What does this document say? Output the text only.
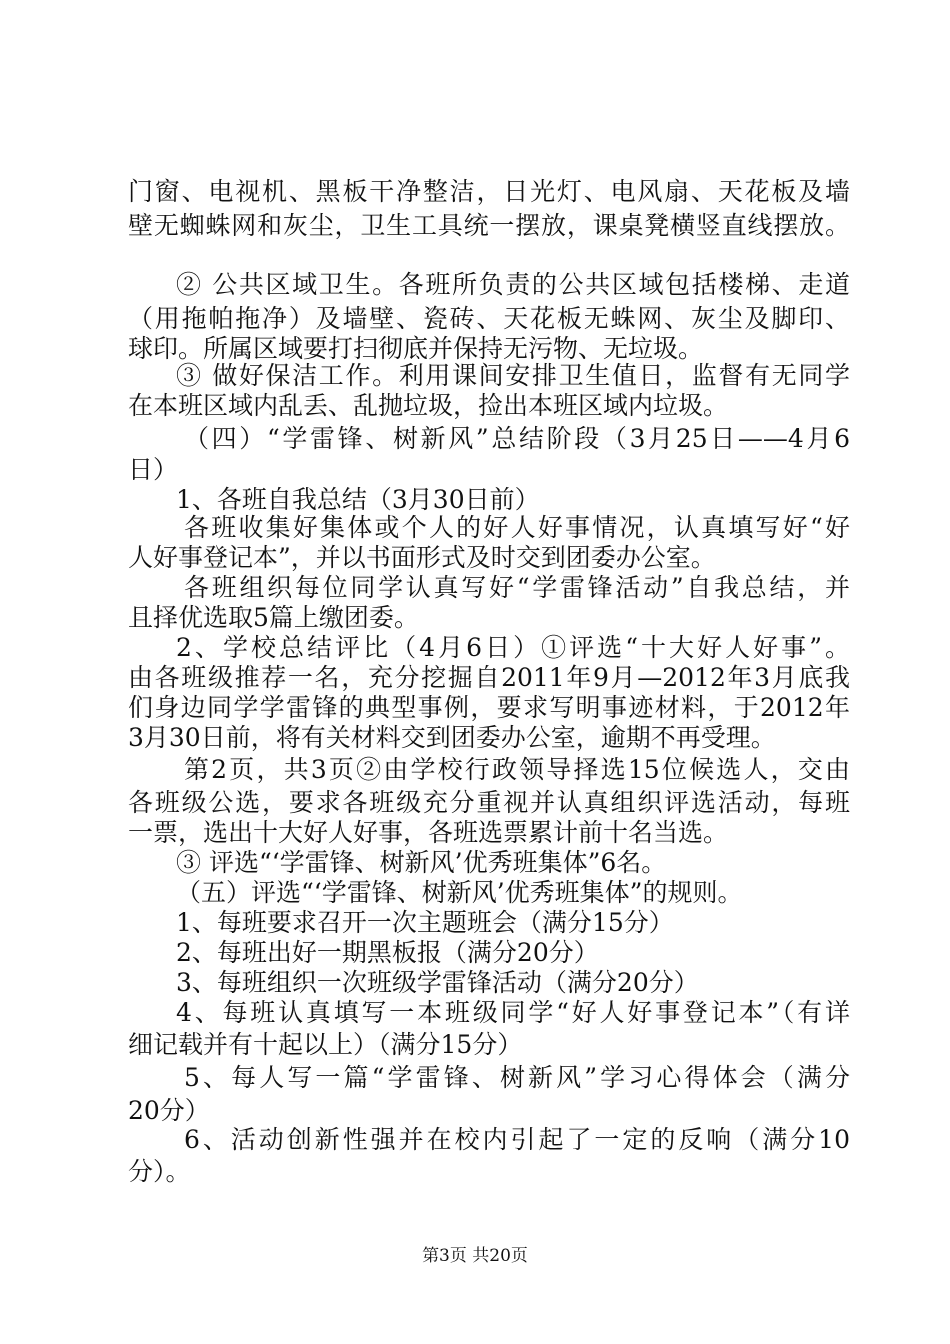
门窗、电视机、黑板干净整洁，日光灯、电风扇、天花板及墙
壁无蜘蛛网和灰尘，卫生工具统一摆放，课桌凳横竖直线摆放。
② 公共区域卫生。各班所负责的公共区域包括楼梯、走道
（用拖帕拖净）及墙壁、瓷砖、天花板无蛛网、灰尘及脚印、
球印。所属区域要打扫彻底并保持无污物、无垃圾。
③ 做好保洁工作。利用课间安排卫生值日，监督有无同学
在本班区域内乱丢、乱抛垃圾，捡出本班区域内垃圾。
（四）“学雷锋、树新风”总结阶段（3月25日——4月6
日）
1、各班自我总结（3月30日前）
各班收集好集体或个人的好人好事情况，认真填写好“好
人好事登记本”，并以书面形式及时交到团委办公室。
各班组织每位同学认真写好“学雷锋活动”自我总结，并
且择优选取5篇上缴团委。
2、学校总结评比（4月6日）①评选“十大好人好事”。
由各班级推荐一名，充分挖掘自2011年9月—2012年3月底我
们身边同学学雷锋的典型事例，要求写明事迹材料，于2012年
3月30日前，将有关材料交到团委办公室，逾期不再受理。
第2页，共3页②由学校行政领导择选15位候选人，交由
各班级公选，要求各班级充分重视并认真组织评选活动，每班
一票，选出十大好人好事，各班选票累计前十名当选。
③ 评选“‘学雷锋、树新风’优秀班集体”6名。
（五）评选“‘学雷锋、树新风’优秀班集体”的规则。
1、每班要求召开一次主题班会（满分15分）
2、每班出好一期黑板报（满分20分）
3、每班组织一次班级学雷锋活动（满分20分）
4、每班认真填写一本班级同学“好人好事登记本”（有详
细记载并有十起以上）（满分15分）
5、每人写一篇“学雷锋、树新风”学习心得体会（满分
20分）
6、活动创新性强并在校内引起了一定的反响（满分10
分）。
第3页 共20页
